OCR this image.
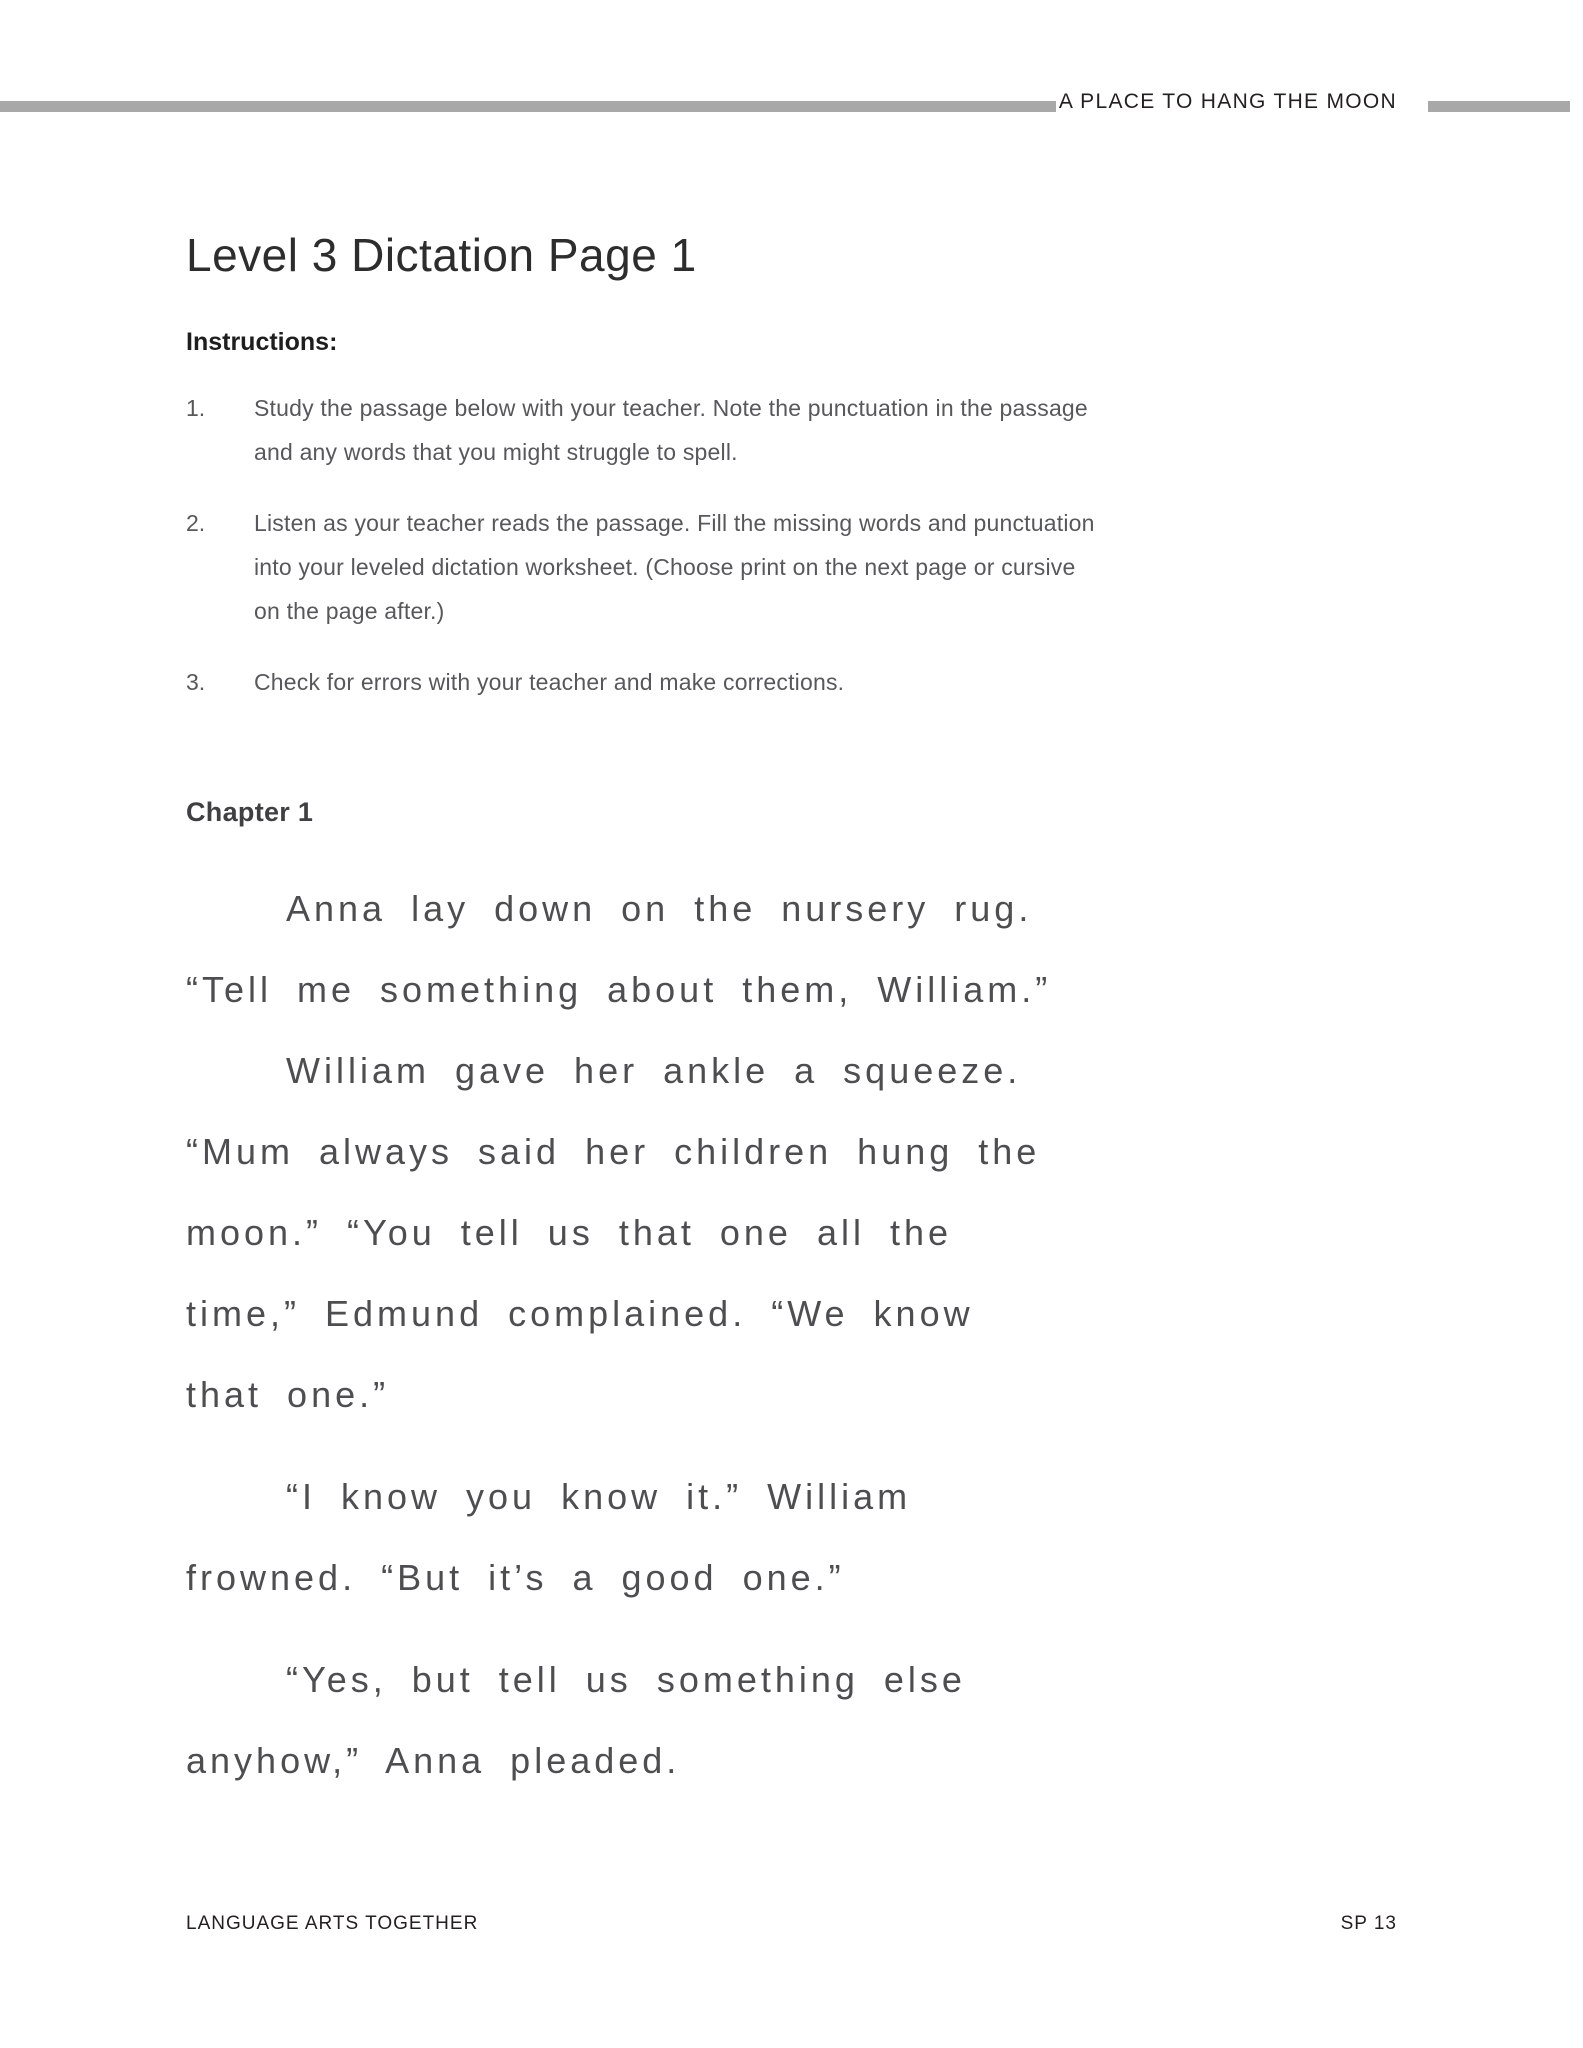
A PLACE TO HANG THE MOON
Level 3 Dictation Page 1
Instructions:
1.	Study the passage below with your teacher. Note the punctuation in the passage
and any words that you might struggle to spell.
2.	Listen as your teacher reads the passage. Fill the missing words and punctuation
into your leveled dictation worksheet. (Choose print on the next page or cursive
on the page after.)
3.	Check for errors with your teacher and make corrections.
Chapter 1
Anna lay down on the nursery rug.
“Tell me something about them, William.”
William gave her ankle a squeeze.
“Mum always said her children hung the
moon.” “You tell us that one all the
time,” Edmund complained. “We know
that one.”
“I know you know it.” William
frowned. “But it’s a good one.”
“Yes, but tell us something else
anyhow,” Anna pleaded.
LANGUAGE ARTS TOGETHER	SP 13
